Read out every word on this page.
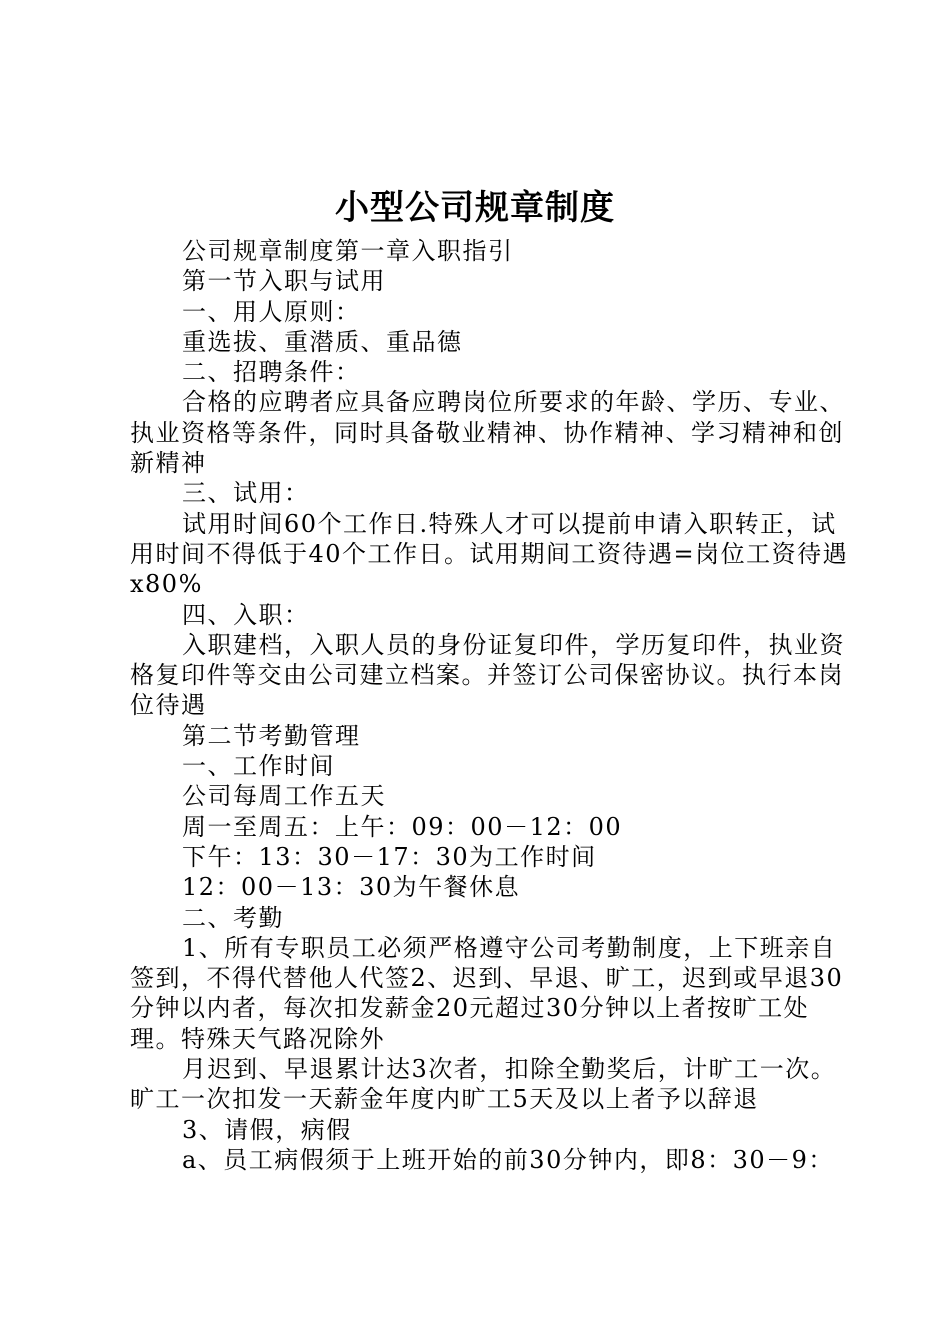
小型公司规章制度

公司规章制度第一章入职指引

第一节入职与试用

一、用人原则：

重选拔、重潜质、重品德

二、招聘条件：

合格的应聘者应具备应聘岗位所要求的年龄、学历、专业、执业资格等条件，同时具备敬业精神、协作精神、学习精神和创新精神

三、试用：

试用时间60个工作日.特殊人才可以提前申请入职转正，试用时间不得低于40个工作日。试用期间工资待遇=岗位工资待遇x80%

四、入职：

入职建档，入职人员的身份证复印件，学历复印件，执业资格复印件等交由公司建立档案。并签订公司保密协议。执行本岗位待遇

第二节考勤管理

一、工作时间

公司每周工作五天

周一至周五：上午：09：00－12：00

下午：13：30－17：30为工作时间

12：00－13：30为午餐休息

二、考勤

1、所有专职员工必须严格遵守公司考勤制度，上下班亲自签到，不得代替他人代签2、迟到、早退、旷工，迟到或早退30分钟以内者，每次扣发薪金20元超过30分钟以上者按旷工处理。特殊天气路况除外

月迟到、早退累计达3次者，扣除全勤奖后，计旷工一次。旷工一次扣发一天薪金年度内旷工5天及以上者予以辞退

3、请假，病假

a、员工病假须于上班开始的前30分钟内，即8：30－9：
